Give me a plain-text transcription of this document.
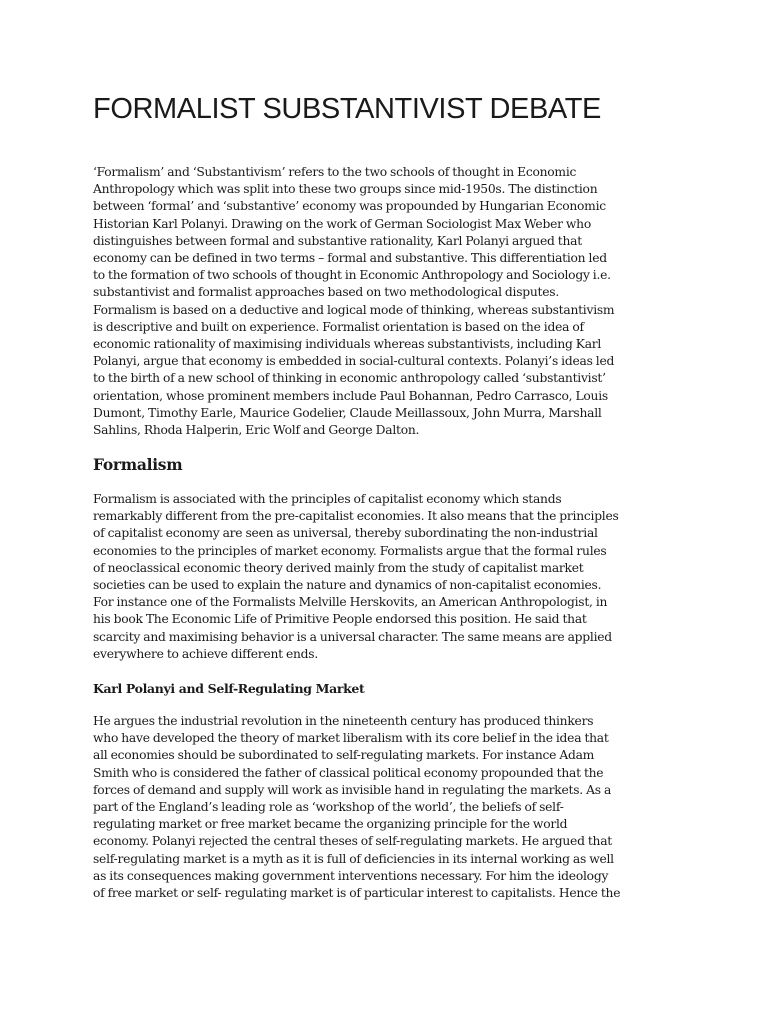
FORMALIST SUBSTANTIVIST DEBATE

‘Formalism’ and ‘Substantivism’ refers to the two schools of thought in Economic
Anthropology which was split into these two groups since mid-1950s. The distinction
between ‘formal’ and ‘substantive’ economy was propounded by Hungarian Economic
Historian Karl Polanyi. Drawing on the work of German Sociologist Max Weber who
distinguishes between formal and substantive rationality, Karl Polanyi argued that
economy can be defined in two terms – formal and substantive. This differentiation led
to the formation of two schools of thought in Economic Anthropology and Sociology i.e.
substantivist and formalist approaches based on two methodological disputes.
Formalism is based on a deductive and logical mode of thinking, whereas substantivism
is descriptive and built on experience. Formalist orientation is based on the idea of
economic rationality of maximising individuals whereas substantivists, including Karl
Polanyi, argue that economy is embedded in social-cultural contexts. Polanyi’s ideas led
to the birth of a new school of thinking in economic anthropology called ‘substantivist’
orientation, whose prominent members include Paul Bohannan, Pedro Carrasco, Louis
Dumont, Timothy Earle, Maurice Godelier, Claude Meillassoux, John Murra, Marshall
Sahlins, Rhoda Halperin, Eric Wolf and George Dalton.

Formalism

Formalism is associated with the principles of capitalist economy which stands
remarkably different from the pre-capitalist economies. It also means that the principles
of capitalist economy are seen as universal, thereby subordinating the non-industrial
economies to the principles of market economy. Formalists argue that the formal rules
of neoclassical economic theory derived mainly from the study of capitalist market
societies can be used to explain the nature and dynamics of non-capitalist economies.
For instance one of the Formalists Melville Herskovits, an American Anthropologist, in
his book The Economic Life of Primitive People endorsed this position. He said that
scarcity and maximising behavior is a universal character. The same means are applied
everywhere to achieve different ends.

Karl Polanyi and Self-Regulating Market

He argues the industrial revolution in the nineteenth century has produced thinkers
who have developed the theory of market liberalism with its core belief in the idea that
all economies should be subordinated to self-regulating markets. For instance Adam
Smith who is considered the father of classical political economy propounded that the
forces of demand and supply will work as invisible hand in regulating the markets. As a
part of the England’s leading role as ‘workshop of the world’, the beliefs of self-
regulating market or free market became the organizing principle for the world
economy. Polanyi rejected the central theses of self-regulating markets. He argued that
self-regulating market is a myth as it is full of deficiencies in its internal working as well
as its consequences making government interventions necessary. For him the ideology
of free market or self- regulating market is of particular interest to capitalists. Hence the
